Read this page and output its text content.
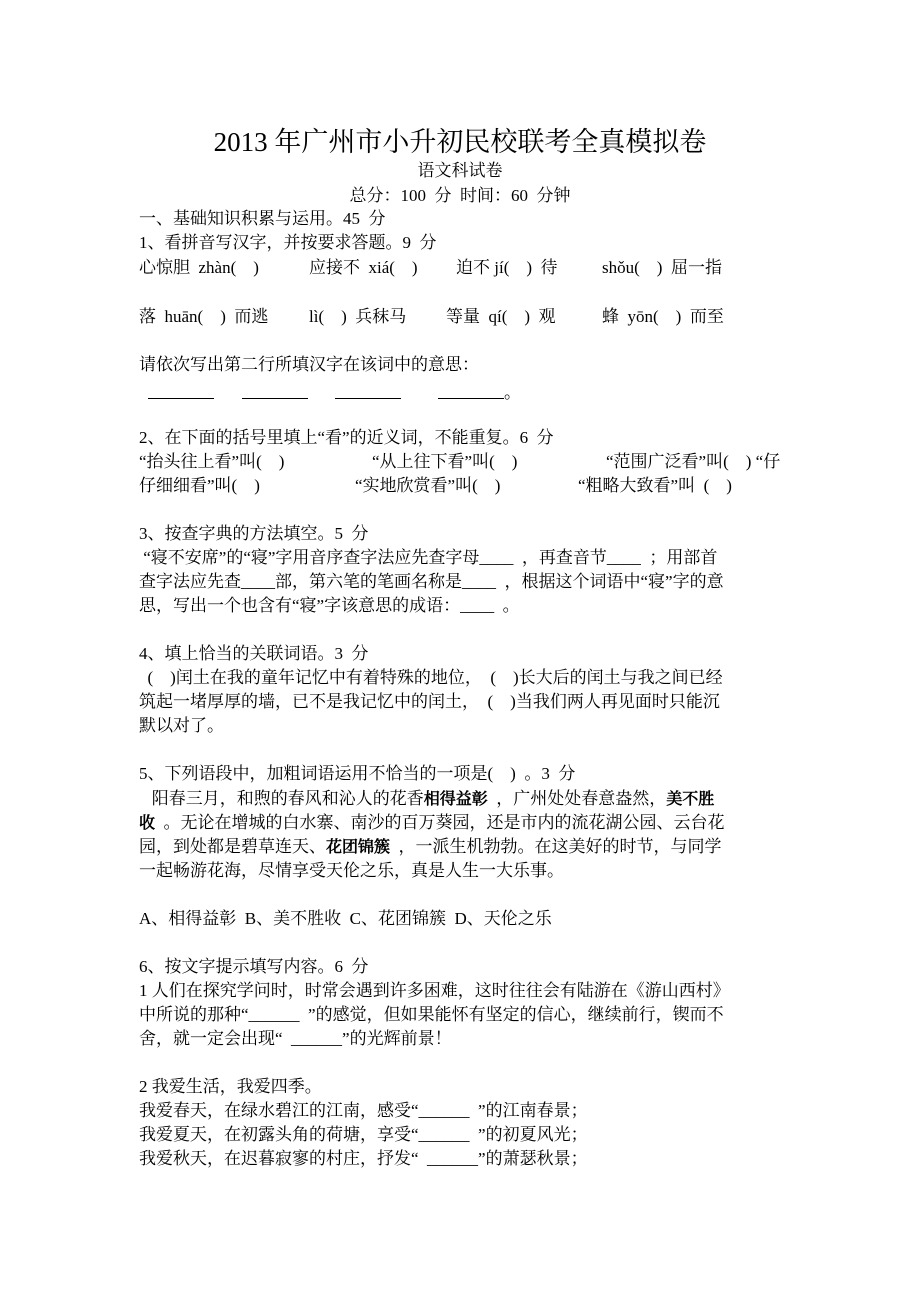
2013 年广州市小升初民校联考全真模拟卷
语文科试卷
总分：100  分  时间：60  分钟
一、基础知识积累与运用。45  分
1、看拼音写汉字，并按要求答题。9  分
心惊胆  zhàn(    )	应接不  xiá(    ) 迫不 jí(    )  待	shǒu(    )  屈一指
落  huān(    )  而逃 lì(    )  兵秣马 等量  qí(    )  观	蜂  yōn(    )  而至
请依次写出第二行所填汉字在该词中的意思：
。
2、在下面的括号里填上“看”的近义词，不能重复。6  分
“抬头往上看”叫(    )	“从上往下看”叫(    )	“范围广泛看”叫(    ) “仔
仔细细看”叫(    )	“实地欣赏看”叫(    )	“粗略大致看”叫  (    )
3、按查字典的方法填空。5  分
“寝不安席”的“寝”字用音序查字法应先查字母____  ，再查音节____  ；用部首
查字法应先查____部，第六笔的笔画名称是____  ，根据这个词语中“寝”字的意
思，写出一个也含有“寝”字该意思的成语：____  。
4、填上恰当的关联词语。3  分
(    )闰土在我的童年记忆中有着特殊的地位，  (    )长大后的闰土与我之间已经
筑起一堵厚厚的墙，已不是我记忆中的闰土，  (    )当我们两人再见面时只能沉
默以对了。
5、下列语段中，加粗词语运用不恰当的一项是(    )  。3  分
阳春三月，和煦的春风和沁人的花香相得益彰  ，广州处处春意盎然，美不胜
收  。无论在增城的白水寨、南沙的百万葵园，还是市内的流花湖公园、云台花
园，到处都是碧草连天、花团锦簇  ，一派生机勃勃。在这美好的时节，与同学
一起畅游花海，尽情享受天伦之乐，真是人生一大乐事。
A、相得益彰  B、美不胜收  C、花团锦簇  D、天伦之乐
6、按文字提示填写内容。6  分
1 人们在探究学问时，时常会遇到许多困难，这时往往会有陆游在《游山西村》
中所说的那种“______  ”的感觉，但如果能怀有坚定的信心，继续前行，锲而不
舍，就一定会出现“  ______”的光辉前景！
2 我爱生活，我爱四季。
我爱春天，在绿水碧江的江南，感受“______  ”的江南春景；
我爱夏天，在初露头角的荷塘，享受“______  ”的初夏风光；
我爱秋天，在迟暮寂寥的村庄，抒发“  ______”的萧瑟秋景；
